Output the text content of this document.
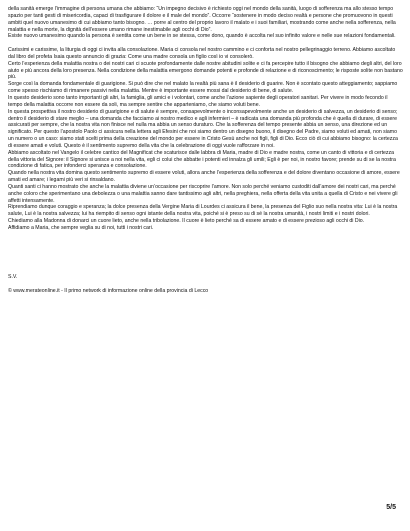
della sanità emerge l’immagine di persona umana che abbiamo: “Un impegno decisivo è richiesto oggi nel mondo della sanità, luogo di sofferenza ma allo stesso tempo spazio per tanti gesti di misericordia, capaci di trasfigurare il dolore e il male del mondo”. Occorre “sostenere in modo deciso realtà e persone che promuovono in questi ambiti quel nuovo umanesimo di cui abbiamo tanto bisogno. … porre al centro del proprio lavoro il malato e i suoi familiari, mostrando come anche nella sofferenza, nella malattia e nella morte, la dignità dell’essere umano rimane inestimabile agli occhi di Dio”.

Esiste nuovo umanesimo quando la persona è sentita come un bene in se stessa, come dono, quando è accolta nel suo infinito valore e nelle sue relazioni fondamentali.

Carissimi e carissime, la liturgia di oggi ci invita alla consolazione. Maria ci consola nel nostro cammino e ci conforta nel nostro pellegrinaggio terreno. Abbiamo ascoltato dal libro del profeta Isaia questo annuncio di grazia: Come una madre consola un figlio così io vi consolerò.

Certo l’esperienza della malattia nostra o dei nostri cari ci scuote profondamente dalle nostre abitudini solite e ci fa percepire tutto il bisogno che abbiamo degli altri, del loro aiuto e più ancora della loro presenza. Nella condizione della malattia emergono domande potenti e profonde di relazione e di riconoscimento; le risposte solite non bastano più.

Sorge così la domanda fondamentale di guarigione. Si può dire che nel malato la realtà più sana è il desiderio di guarire. Non è scontato questo atteggiamento; sappiamo come spesso rischiamo di rimanere passivi nella malattia. Mentre è importante essere mossi dal desiderio di bene, di salute.

In questo desiderio sono tanto importanti gli altri, la famiglia, gli amici e i volontari, come anche l’azione sapiente degli operatori sanitari. Per vivere in modo fecondo il tempo della malattia occorre non essere da soli, ma sempre sentire che apparteniamo, che siamo voluti bene.

In questa prospettiva il nostro desiderio di guarigione e di salute è sempre, consapevolmente o inconsapevolmente anche un desiderio di salvezza, un desiderio di senso; dentro il desiderio di stare meglio – una domanda che facciamo ai nostro medico e agli infermieri – è radicata una domanda più profonda che è quella di durare, di essere assicurati per sempre, che la nostra vita non finisce nel nulla ma abbia un senso duraturo. Che la sofferenza del tempo presente abbia un senso, una direzione ed un significato. Per questo l’apostolo Paolo ci assicura nella lettera agli Efesini che noi siamo dentro un disegno buono, il disegno del Padre, siamo voluti ed amati, non siamo un numero o un caso: siamo stati scelti prima della creazione del mondo per essere in Cristo Gesù anche noi figli, figli di Dio. Ecco ciò di cui abbiamo bisogno: la certezza di essere amati e voluti. Questo è il sentimento supremo della vita che la celebrazione di oggi vuole rafforzare in noi.

Abbiamo ascoltato nel Vangelo il celebre cantico del Magnificat che scaturisce dalle labbra di Maria, madre di Dio e madre nostra, come un canto di vittoria e di certezza della vittoria del Signore: il Signore si unisce a noi nella vita, egli ci colui che abbatte i potenti ed innalza gli umili; Egli è per noi, in nostro favore; prende su di se la nostra condizione di fatica, per infonderci speranza e consolazione.

Quando nella nostra vita domina questo sentimento supremo di essere voluti, allora anche l’esperienza della sofferenza e del dolore diventano occasione di amore, essere amati ed amare; i legami più veri si rinsaldano.

Quanti santi ci hanno mostrato che anche la malattia diviene un’occasione per riscoprire l’amore. Non solo perché veniamo custoditi dall’amore dei nostri cari, ma perché anche coloro che sperimentano una debolezza o una malattia sanno dare tantissimo agli altri, nella preghiera, nella offerta della vita unita a quella di Cristo e nei vivere gli affetti intensamente.

Riprendiamo dunque coraggio e speranza; la dolce presenza della Vergine Maria di Lourdes ci assicura il bene, la presenza del Figlio suo nella nostra vita: Lui è la nostra salute, Lui è la nostra salvezza; lui ha riempito di senso ogni istante della nostra vita, poiché si è preso su di sé la nostra umanità, i nostri limiti e i nostri dolori.

Chiediamo alla Madonna di donarci un cuore lieto, anche nella tribolazione. Il cuore è lieto perché sa di essere amato e di essere prezioso agli occhi di Dio.

Affidiamo a Maria, che sempre veglia su di noi, tutti i nostri cari.

S.V.
© www.merateonline.it - Il primo network di informazione online della provincia di Lecco
5/5
